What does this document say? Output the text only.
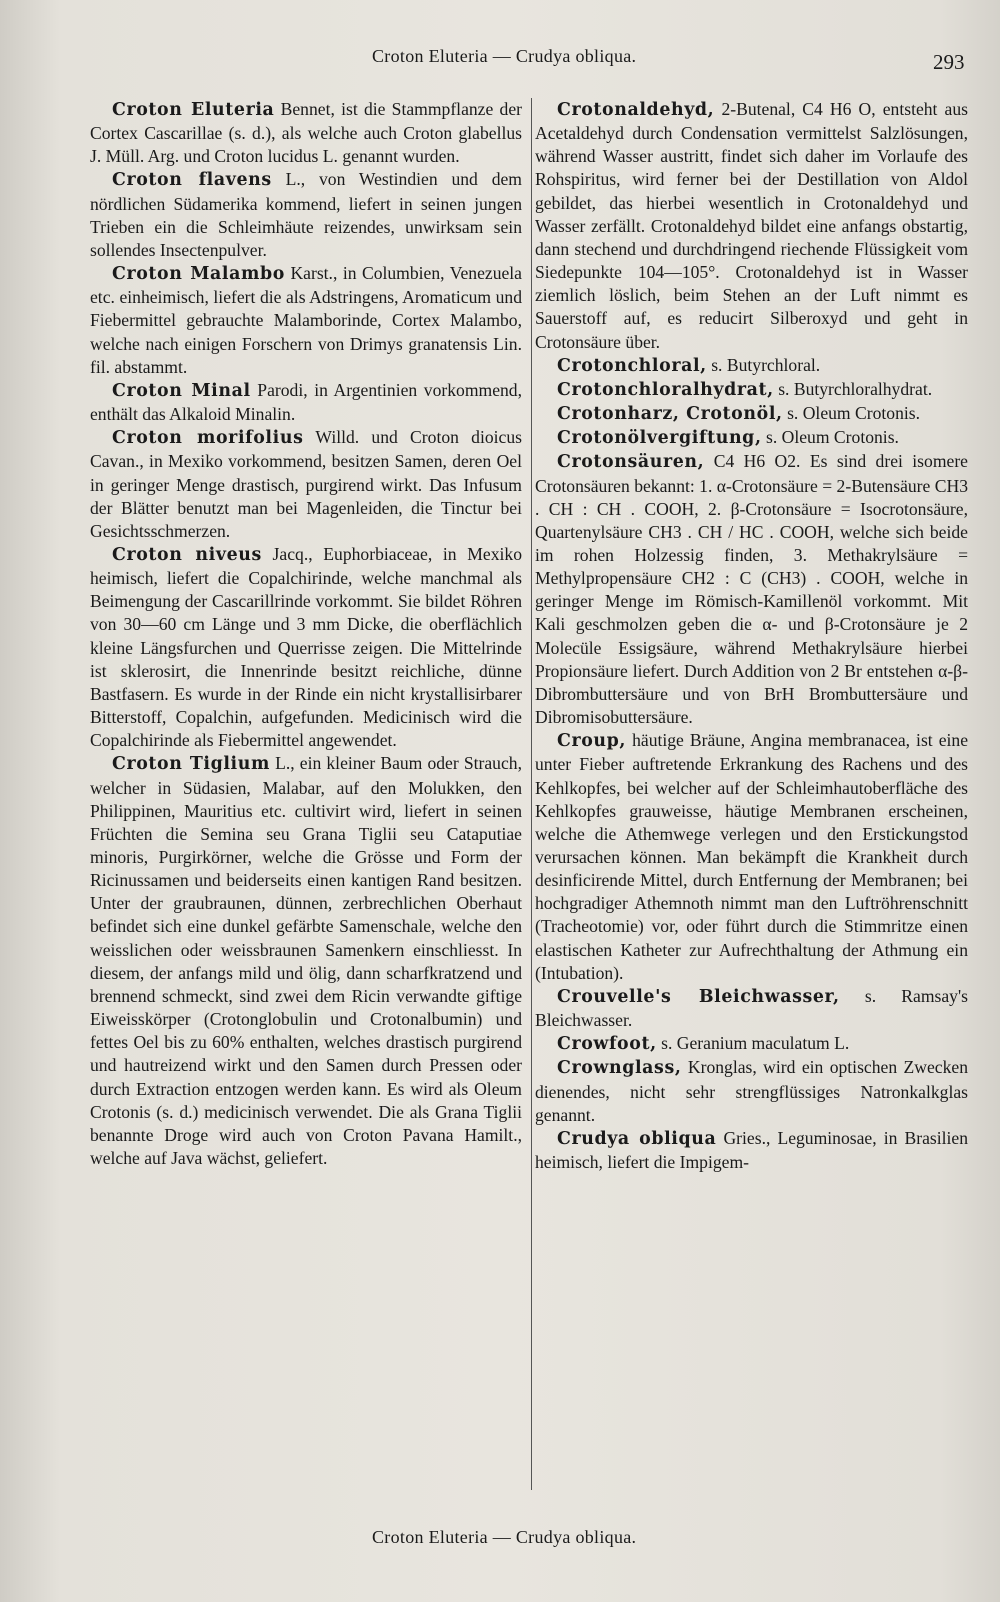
Croton Eluteria — Crudya obliqua.	293

Croton Eluteria Bennet, ist die Stammpflanze der Cortex Cascarillae (s. d.), als welche auch Croton glabellus J. Müll. Arg. und Croton lucidus L. genannt wurden.

Croton flavens L., von Westindien und dem nördlichen Südamerika kommend, liefert in seinen jungen Trieben ein die Schleimhäute reizendes, unwirksam sein sollendes Insectenpulver.

Croton Malambo Karst., in Columbien, Venezuela etc. einheimisch, liefert die als Adstringens, Aromaticum und Fiebermittel gebrauchte Malamborinde, Cortex Malambo, welche nach einigen Forschern von Drimys granatensis Lin. fil. abstammt.

Croton Minal Parodi, in Argentinien vorkommend, enthält das Alkaloid Minalin.

Croton morifolius Willd. und Croton dioicus Cavan., in Mexiko vorkommend, besitzen Samen, deren Oel in geringer Menge drastisch, purgirend wirkt. Das Infusum der Blätter benutzt man bei Magenleiden, die Tinctur bei Gesichtsschmerzen.

Croton niveus Jacq., Euphorbiaceae, in Mexiko heimisch, liefert die Copalchirinde, welche manchmal als Beimengung der Cascarillrinde vorkommt. Sie bildet Röhren von 30—60 cm Länge und 3 mm Dicke, die oberflächlich kleine Längsfurchen und Querrisse zeigen. Die Mittelrinde ist sklerosirt, die Innenrinde besitzt reichliche, dünne Bastfasern. Es wurde in der Rinde ein nicht krystallisirbarer Bitterstoff, Copalchin, aufgefunden. Medicinisch wird die Copalchirinde als Fiebermittel angewendet.

Croton Tiglium L., ein kleiner Baum oder Strauch, welcher in Südasien, Malabar, auf den Molukken, den Philippinen, Mauritius etc. cultivirt wird, liefert in seinen Früchten die Semina seu Grana Tiglii seu Cataputiae minoris, Purgirkörner, welche die Grösse und Form der Ricinussamen und beiderseits einen kantigen Rand besitzen. Unter der graubraunen, dünnen, zerbrechlichen Oberhaut befindet sich eine dunkel gefärbte Samenschale, welche den weisslichen oder weissbraunen Samenkern einschliesst. In diesem, der anfangs mild und ölig, dann scharfkratzend und brennend schmeckt, sind zwei dem Ricin verwandte giftige Eiweisskörper (Crotonglobulin und Crotonalbumin) und fettes Oel bis zu 60% enthalten, welches drastisch purgirend und hautreizend wirkt und den Samen durch Pressen oder durch Extraction entzogen werden kann. Es wird als Oleum Crotonis (s. d.) medicinisch verwendet. Die als Grana Tiglii benannte Droge wird auch von Croton Pavana Hamilt., welche auf Java wächst, geliefert.

Crotonaldehyd, 2-Butenal, C4 H6 O, entsteht aus Acetaldehyd durch Condensation vermittelst Salzlösungen, während Wasser austritt, findet sich daher im Vorlaufe des Rohspiritus, wird ferner bei der Destillation von Aldol gebildet, das hierbei wesentlich in Crotonaldehyd und Wasser zerfällt. Crotonaldehyd bildet eine anfangs obstartig, dann stechend und durchdringend riechende Flüssigkeit vom Siedepunkte 104—105°. Crotonaldehyd ist in Wasser ziemlich löslich, beim Stehen an der Luft nimmt es Sauerstoff auf, es reducirt Silberoxyd und geht in Crotonsäure über.

Crotonchloral, s. Butyrchloral.

Crotonchloralhydrat, s. Butyrchloralhydrat.

Crotonharz, Crotonöl, s. Oleum Crotonis.

Crotonölvergiftung, s. Oleum Crotonis.

Crotonsäuren, C4 H6 O2. Es sind drei isomere Crotonsäuren bekannt: 1. α-Crotonsäure = 2-Butensäure CH3 . CH : CH . COOH, 2. β-Crotonsäure = Isocrotonsäure, Quartenylsäure CH3 . CH / HC . COOH, welche sich beide im rohen Holzessig finden, 3. Methakrylsäure = Methylpropensäure CH2 : C (CH3) . COOH, welche in geringer Menge im Römisch-Kamillenöl vorkommt. Mit Kali geschmolzen geben die α- und β-Crotonsäure je 2 Molecüle Essigsäure, während Methakrylsäure hierbei Propionsäure liefert. Durch Addition von 2 Br entstehen α-β-Dibrombuttersäure und von BrH Brombuttersäure und Dibromisobuttersäure.

Croup, häutige Bräune, Angina membranacea, ist eine unter Fieber auftretende Erkrankung des Rachens und des Kehlkopfes, bei welcher auf der Schleimhautoberfläche des Kehlkopfes grauweisse, häutige Membranen erscheinen, welche die Athemwege verlegen und den Erstickungstod verursachen können. Man bekämpft die Krankheit durch desinficirende Mittel, durch Entfernung der Membranen; bei hochgradiger Athemnoth nimmt man den Luftröhrenschnitt (Tracheotomie) vor, oder führt durch die Stimmritze einen elastischen Katheter zur Aufrechthaltung der Athmung ein (Intubation).

Crouvelle's Bleichwasser, s. Ramsay's Bleichwasser.

Crowfoot, s. Geranium maculatum L.

Crownglass, Kronglas, wird ein optischen Zwecken dienendes, nicht sehr strengflüssiges Natronkalkglas genannt.

Crudya obliqua Gries., Leguminosae, in Brasilien heimisch, liefert die Impigem-

Croton Eluteria — Crudya obliqua.
